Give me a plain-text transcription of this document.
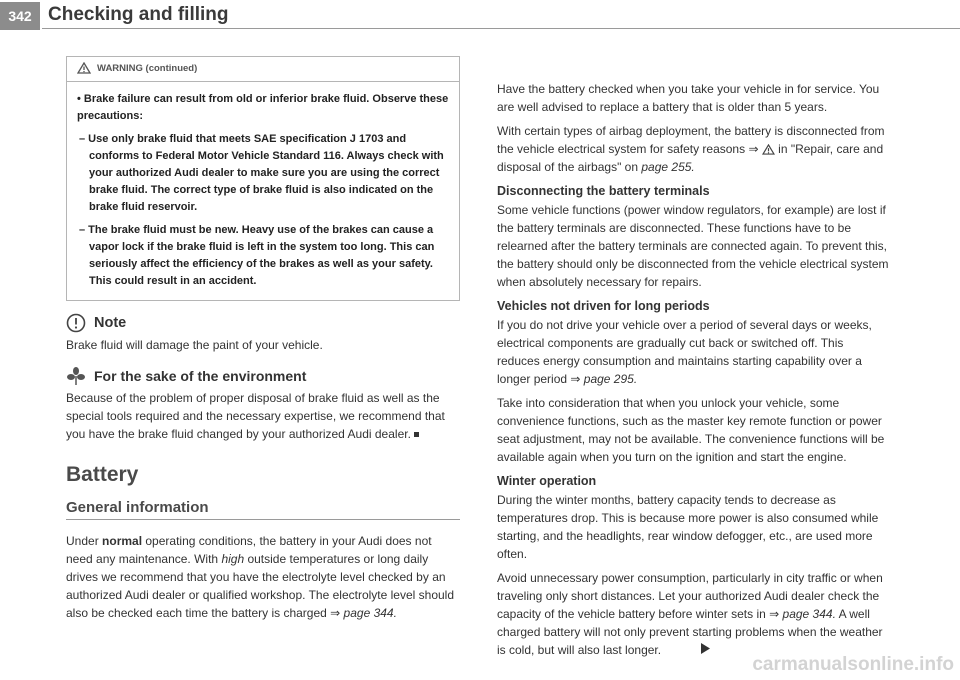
342 Checking and filling
WARNING (continued)
• Brake failure can result from old or inferior brake fluid. Observe these precautions:
– Use only brake fluid that meets SAE specification J 1703 and conforms to Federal Motor Vehicle Standard 116. Always check with your authorized Audi dealer to make sure you are using the correct brake fluid. The correct type of brake fluid is also indicated on the brake fluid reservoir.
– The brake fluid must be new. Heavy use of the brakes can cause a vapor lock if the brake fluid is left in the system too long. This can seriously affect the efficiency of the brakes as well as your safety. This could result in an accident.
Note

Brake fluid will damage the paint of your vehicle.

For the sake of the environment

Because of the problem of proper disposal of brake fluid as well as the special tools required and the necessary expertise, we recommend that you have the brake fluid changed by your authorized Audi dealer.

Battery
General information

Under normal operating conditions, the battery in your Audi does not need any maintenance. With high outside temperatures or long daily drives we recommend that you have the electrolyte level checked by an authorized Audi dealer or qualified workshop. The electrolyte level should also be checked each time the battery is charged ⇒ page 344.

Have the battery checked when you take your vehicle in for service. You are well advised to replace a battery that is older than 5 years.

With certain types of airbag deployment, the battery is disconnected from the vehicle electrical system for safety reasons ⇒  in "Repair, care and disposal of the airbags" on page 255.

Disconnecting the battery terminals

Some vehicle functions (power window regulators, for example) are lost if the battery terminals are disconnected. These functions have to be relearned after the battery terminals are connected again. To prevent this, the battery should only be disconnected from the vehicle electrical system when absolutely necessary for repairs.

Vehicles not driven for long periods

If you do not drive your vehicle over a period of several days or weeks, electrical components are gradually cut back or switched off. This reduces energy consumption and maintains starting capability over a longer period ⇒ page 295.

Take into consideration that when you unlock your vehicle, some convenience functions, such as the master key remote function or power seat adjustment, may not be available. The convenience functions will be available again when you turn on the ignition and start the engine.

Winter operation

During the winter months, battery capacity tends to decrease as temperatures drop. This is because more power is also consumed while starting, and the headlights, rear window defogger, etc., are used more often.

Avoid unnecessary power consumption, particularly in city traffic or when traveling only short distances. Let your authorized Audi dealer check the capacity of the vehicle battery before winter sets in ⇒ page 344. A well charged battery will not only prevent starting problems when the weather is cold, but will also last longer.

carmanualsonline.info
